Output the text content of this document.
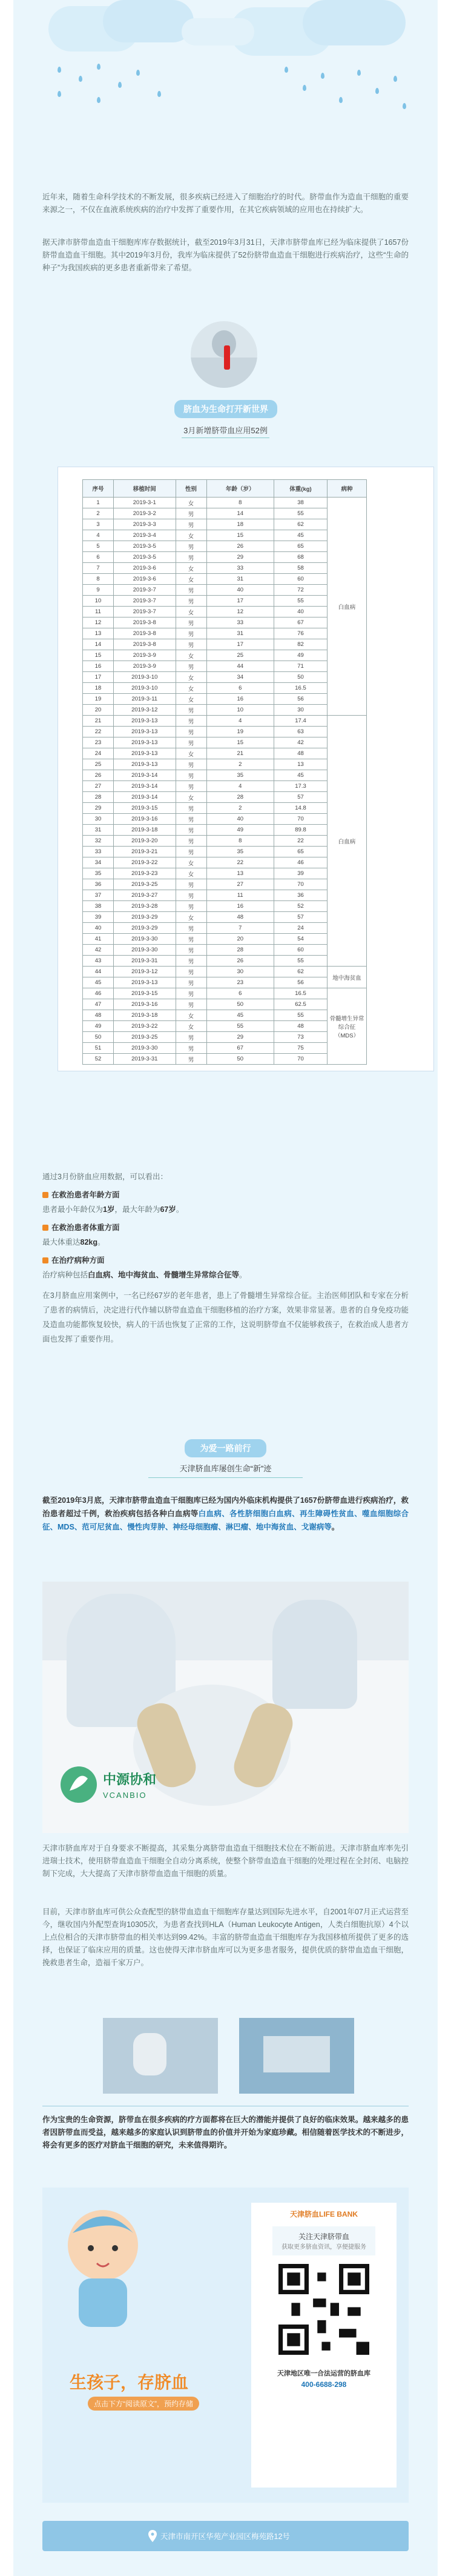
近年来，随着生命科学技术的不断发展，很多疾病已经进入了细胞治疗的时代。脐带血作为造血干细胞的重要来源之一，不仅在血液系统疾病的治疗中发挥了重要作用，在其它疾病领域的应用也在持续扩大。

据天津市脐带血造血干细胞库库存数据统计，截至2019年3月31日，天津市脐带血库已经为临床提供了1657份脐带血造血干细胞。其中2019年3月份，我库为临床提供了52份脐带血造血干细胞进行疾病治疗，这些“生命的种子”为我国疾病的更多患者重新带来了希望。

脐血为生命打开新世界
3月新增脐带血应用52例
序号	移植时间	性别	年龄（岁）	体重(kg)	病种
1	2019-3-1	女	8	38	白血病
2	2019-3-2	男	14	55	
3	2019-3-3	男	18	62	
4	2019-3-4	女	15	45	
5	2019-3-5	男	26	65	
6	2019-3-5	男	29	68	
7	2019-3-6	女	33	58	
8	2019-3-6	女	31	60	
9	2019-3-7	男	40	72	
10	2019-3-7	男	17	55	
11	2019-3-7	女	12	40	
12	2019-3-8	男	33	67	
13	2019-3-8	男	31	76	
14	2019-3-8	男	17	82	
15	2019-3-9	女	25	49	
16	2019-3-9	男	44	71	
17	2019-3-10	女	34	50	
18	2019-3-10	女	6	16.5	
19	2019-3-11	女	16	56	
20	2019-3-12	男	10	30	
21	2019-3-13	男	4	17.4	白血病
22	2019-3-13	男	19	63	
23	2019-3-13	男	15	42	
24	2019-3-13	女	21	48	
25	2019-3-13	男	2	13	
26	2019-3-14	男	35	45	
27	2019-3-14	男	4	17.3	
28	2019-3-14	女	28	57	
29	2019-3-15	男	2	14.8	
30	2019-3-16	男	40	70	
31	2019-3-18	男	49	89.8	
32	2019-3-20	男	8	22	
33	2019-3-21	男	35	65	
34	2019-3-22	女	22	46	
35	2019-3-23	女	13	39	
36	2019-3-25	男	27	70	
37	2019-3-27	男	11	36	
38	2019-3-28	男	16	52	
39	2019-3-29	女	48	57	
40	2019-3-29	男	7	24	
41	2019-3-30	男	20	54	
42	2019-3-30	男	28	60	
43	2019-3-31	男	26	55	
44	2019-3-12	男	30	62	地中海贫血
45	2019-3-13	男	23	56	
46	2019-3-15	男	6	16.5	骨髓增生异常综合征（MDS）
47	2019-3-16	男	50	62.5	
48	2019-3-18	女	45	55	
49	2019-3-22	女	55	48	
50	2019-3-25	男	29	73	
51	2019-3-30	男	67	75	
52	2019-3-31	男	50	70	
通过3月份脐血应用数据，可以看出：
在救治患者年龄方面
患者最小年龄仅为1岁，最大年龄为67岁。
在救治患者体重方面
最大体重达82kg。
在治疗病种方面
治疗病种包括白血病、地中海贫血、骨髓增生异常综合征等。
在3月脐血应用案例中，一名已经67岁的老年患者，患上了骨髓增生异常综合征。主治医师团队和专家在分析了患者的病情后，决定进行代作辅以脐带血造血干细胞移植的治疗方案，效果非常显著。患者的自身免疫功能及造血功能都恢复较快，病人的干活也恢复了正常的工作，这说明脐带血不仅能够救孩子，在救治成人患者方面也发挥了重要作用。
为爱一路前行
天津脐血库屡创生命“新”迹
截至2019年3月底，天津市脐带血造血干细胞库已经为国内外临床机构提供了1657份脐带血进行疾病治疗，救治患者超过千例，救治疾病包括各种白血病等白血病、各性脐细胞白血病、再生障碍性贫血、噬血细胞综合征、MDS、范可尼贫血、慢性肉芽肿、神经母细胞瘤、淋巴瘤、地中海贫血、戈谢病等。
中源协和
VCANBIO

天津市脐血库对于自身要求不断提高，其采集分离脐带血造血干细胞技术位在不断前进。天津市脐血库率先引进瑞士技术，使用脐带血造血干细胞全自动分离系统，使整个脐带血造血干细胞的处理过程在全封闭、电脑控制下完成，大大提高了天津市脐带血造血干细胞的质量。

目前，天津市脐血库可供公众查配型的脐带血造血干细胞库存量达到国际先进水平，自2001年07月正式运营至今，继收国内外配型查询10305次，为患者查找到HLA（Human Leukocyte Antigen，人类白细胞抗原）4个以上点位相合的天津市脐带血的相关率达到99.42%。丰富的脐带血造血干细胞库存为我国移植所提供了更多的选择，也保证了临床应用的质量。这也使得天津市脐血库可以为更多患者服务，提供优质的脐带血造血干细胞，挽救患者生命，造福千家万户。

作为宝贵的生命资源，脐带血在很多疾病的疗方面都将在巨大的潜能并提供了良好的临床效果。越来越多的患者因脐带血而受益，越来越多的家庭认识到脐带血的价值并开始为家庭珍藏。相信随着医学技术的不断进步，将会有更多的医疗对脐血干细胞的研究，未来值得期许。

生孩子，存脐血
点击下方“阅读原文”，预约存储
天津脐血LIFE BANK
关注天津脐带血
获取更多脐血资讯，享便捷服务
天津地区唯一合法运营的脐血库
400-6688-298
天津市南开区华苑产业园区梅苑路12号
